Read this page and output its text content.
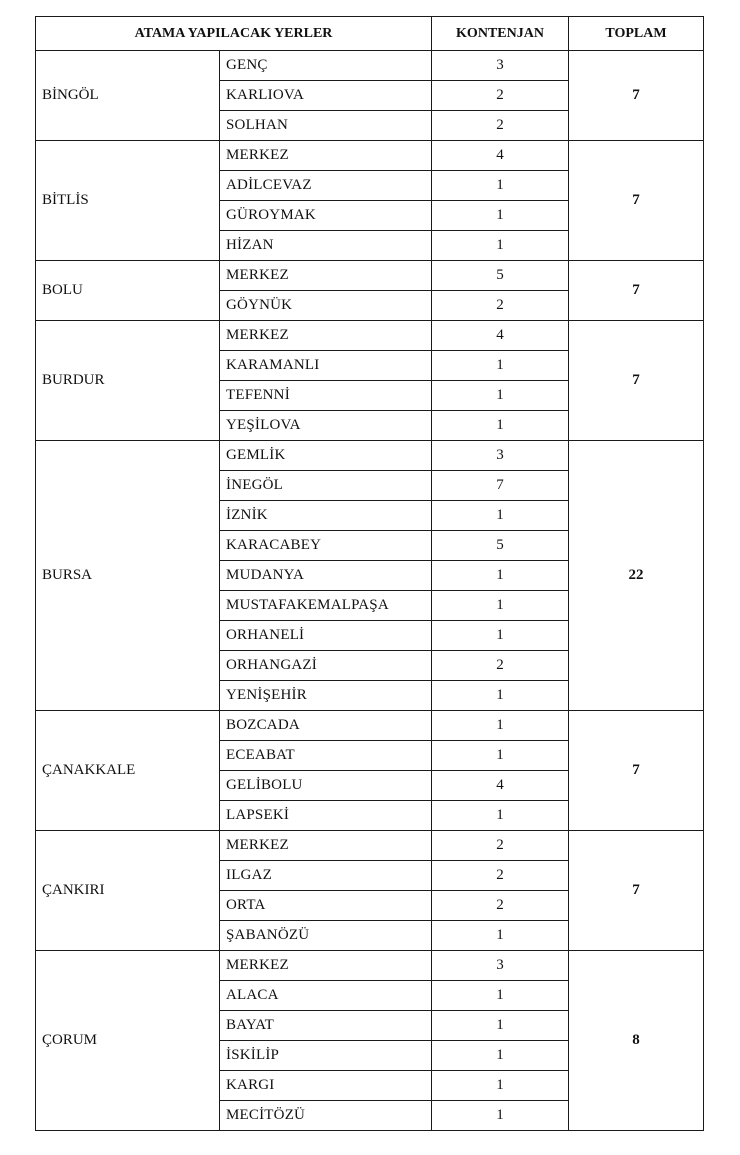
ATAMA YAPILACAK YERLER		KONTENJAN	TOPLAM
BİNGÖL	GENÇ	3	7
	KARLIOVA	2	
	SOLHAN	2	
BİTLİS	MERKEZ	4	7
	ADİLCEVAZ	1	
	GÜROYMAK	1	
	HİZAN	1	
BOLU	MERKEZ	5	7
	GÖYNÜK	2	
BURDUR	MERKEZ	4	7
	KARAMANLI	1	
	TEFENNİ	1	
	YEŞİLOVA	1	
BURSA	GEMLİK	3	22
	İNEGÖL	7	
	İZNİK	1	
	KARACABEY	5	
	MUDANYA	1	
	MUSTAFAKEMALPAŞA	1	
	ORHANELİ	1	
	ORHANGAZİ	2	
	YENİŞEHİR	1	
ÇANAKKALE	BOZCADA	1	7
	ECEABAT	1	
	GELİBOLU	4	
	LAPSEKİ	1	
ÇANKIRI	MERKEZ	2	7
	ILGAZ	2	
	ORTA	2	
	ŞABANÖZÜ	1	
ÇORUM	MERKEZ	3	8
	ALACA	1	
	BAYAT	1	
	İSKİLİP	1	
	KARGI	1	
	MECİTÖZÜ	1	
